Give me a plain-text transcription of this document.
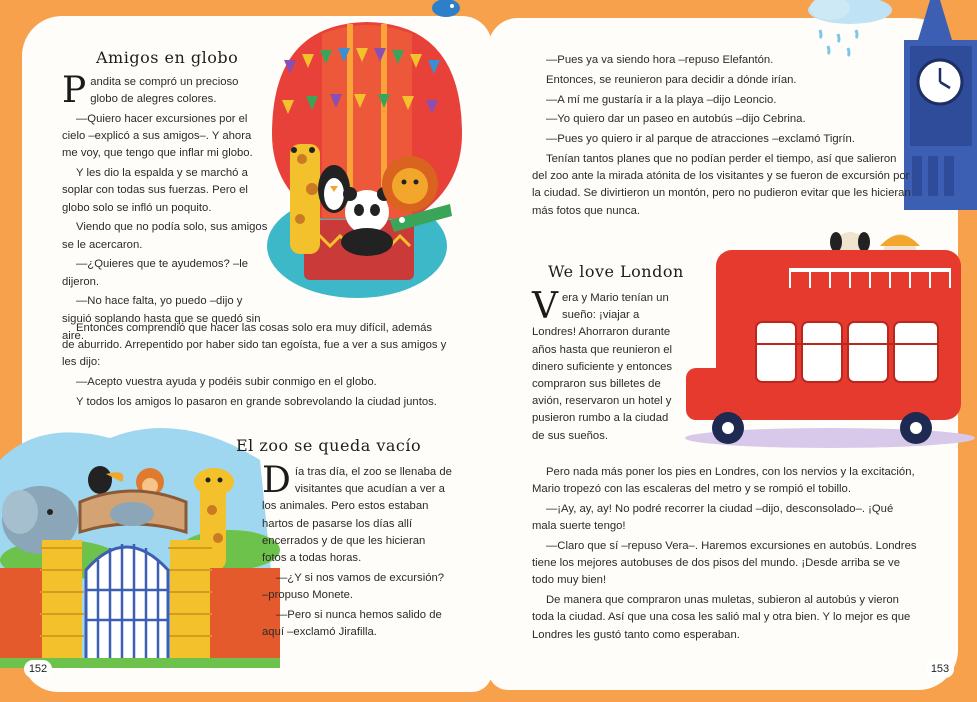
Amigos en globo

Pandita se compró un precioso globo de alegres colores.

—Quiero hacer excursiones por el cielo –explicó a sus amigos–. Y ahora me voy, que tengo que inflar mi globo.

Y les dio la espalda y se marchó a soplar con todas sus fuerzas. Pero el globo solo se infló un poquito.

Viendo que no podía solo, sus amigos se le acercaron.

—¿Quieres que te ayudemos? –le dijeron.

—No hace falta, yo puedo –dijo y siguió soplando hasta que se quedó sin aire.

Entonces comprendió que hacer las cosas solo era muy difícil, además de aburrido. Arrepentido por haber sido tan egoísta, fue a ver a sus amigos y les dijo:

—Acepto vuestra ayuda y podéis subir conmigo en el globo.

Y todos los amigos lo pasaron en grande sobrevolando la ciudad juntos.

El zoo se queda vacío

Día tras día, el zoo se llenaba de visitantes que acudían a ver a los animales. Pero estos estaban hartos de pasarse los días allí encerrados y de que les hicieran fotos a todas horas.

—¿Y si nos vamos de excursión? –propuso Monete.

—Pero si nunca hemos salido de aquí –exclamó Jirafilla.

152

—Pues ya va siendo hora –repuso Elefantón.

Entonces, se reunieron para decidir a dónde irían.

—A mí me gustaría ir a la playa –dijo Leoncio.

—Yo quiero dar un paseo en autobús –dijo Cebrina.

—Pues yo quiero ir al parque de atracciones –exclamó Tigrín.

Tenían tantos planes que no podían perder el tiempo, así que salieron del zoo ante la mirada atónita de los visitantes y se fueron de excursión por la ciudad. Se divirtieron un montón, pero no pudieron evitar que les hicieran más fotos que nunca.

We love London

Vera y Mario tenían un sueño: ¡viajar a Londres! Ahorraron durante años hasta que reunieron el dinero suficiente y entonces compraron sus billetes de avión, reservaron un hotel y pusieron rumbo a la ciudad de sus sueños.

Pero nada más poner los pies en Londres, con los nervios y la excitación, Mario tropezó con las escaleras del metro y se rompió el tobillo.

—¡Ay, ay, ay! No podré recorrer la ciudad –dijo, desconsolado–. ¡Qué mala suerte tengo!

—Claro que sí –repuso Vera–. Haremos excursiones en autobús. Londres tiene los mejores autobuses de dos pisos del mundo. ¡Desde arriba se ve todo muy bien!

De manera que compraron unas muletas, subieron al autobús y vieron toda la ciudad. Así que una cosa les salió mal y otra bien. Y lo mejor es que Londres les gustó tanto como esperaban.

153
